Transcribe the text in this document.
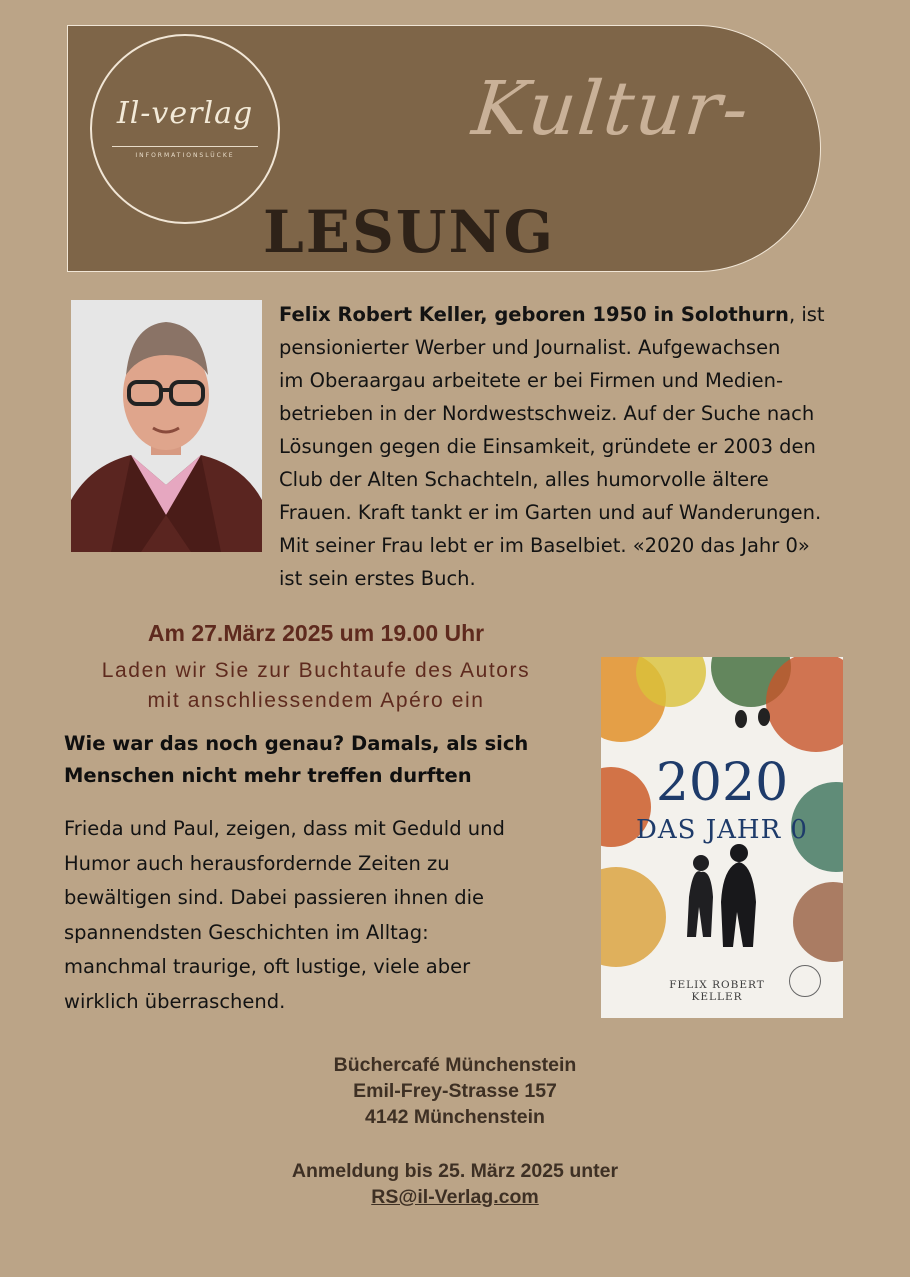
Il-verlag
INFORMATIONSLÜCKE
Kultur-
LESUNG
Felix Robert Keller, geboren 1950 in Solothurn, ist
pensionierter Werber und Journalist. Aufgewachsen
im Oberaargau arbeitete er bei Firmen und Medien-
betrieben in der Nordwestschweiz. Auf der Suche nach
Lösungen gegen die Einsamkeit, gründete er 2003 den
Club der Alten Schachteln, alles humorvolle ältere
Frauen. Kraft tankt er im Garten und auf Wanderungen.
Mit seiner Frau lebt er im Baselbiet. «2020 das Jahr 0»
ist sein erstes Buch.
Am 27.März 2025 um 19.00 Uhr
Laden wir Sie zur Buchtaufe des Autors
mit anschliessendem Apéro ein
Wie war das noch genau? Damals, als sich
Menschen nicht mehr treffen durften
Frieda und Paul, zeigen, dass mit Geduld und
Humor auch herausfordernde Zeiten zu
bewältigen sind. Dabei passieren ihnen die
spannendsten Geschichten im Alltag:
manchmal traurige, oft lustige, viele aber
wirklich überraschend.
2020
DAS JAHR 0
FELIX ROBERT
KELLER
Büchercafé Münchenstein
Emil-Frey-Strasse 157
4142 Münchenstein
Anmeldung bis 25. März 2025 unter
RS@il-Verlag.com
